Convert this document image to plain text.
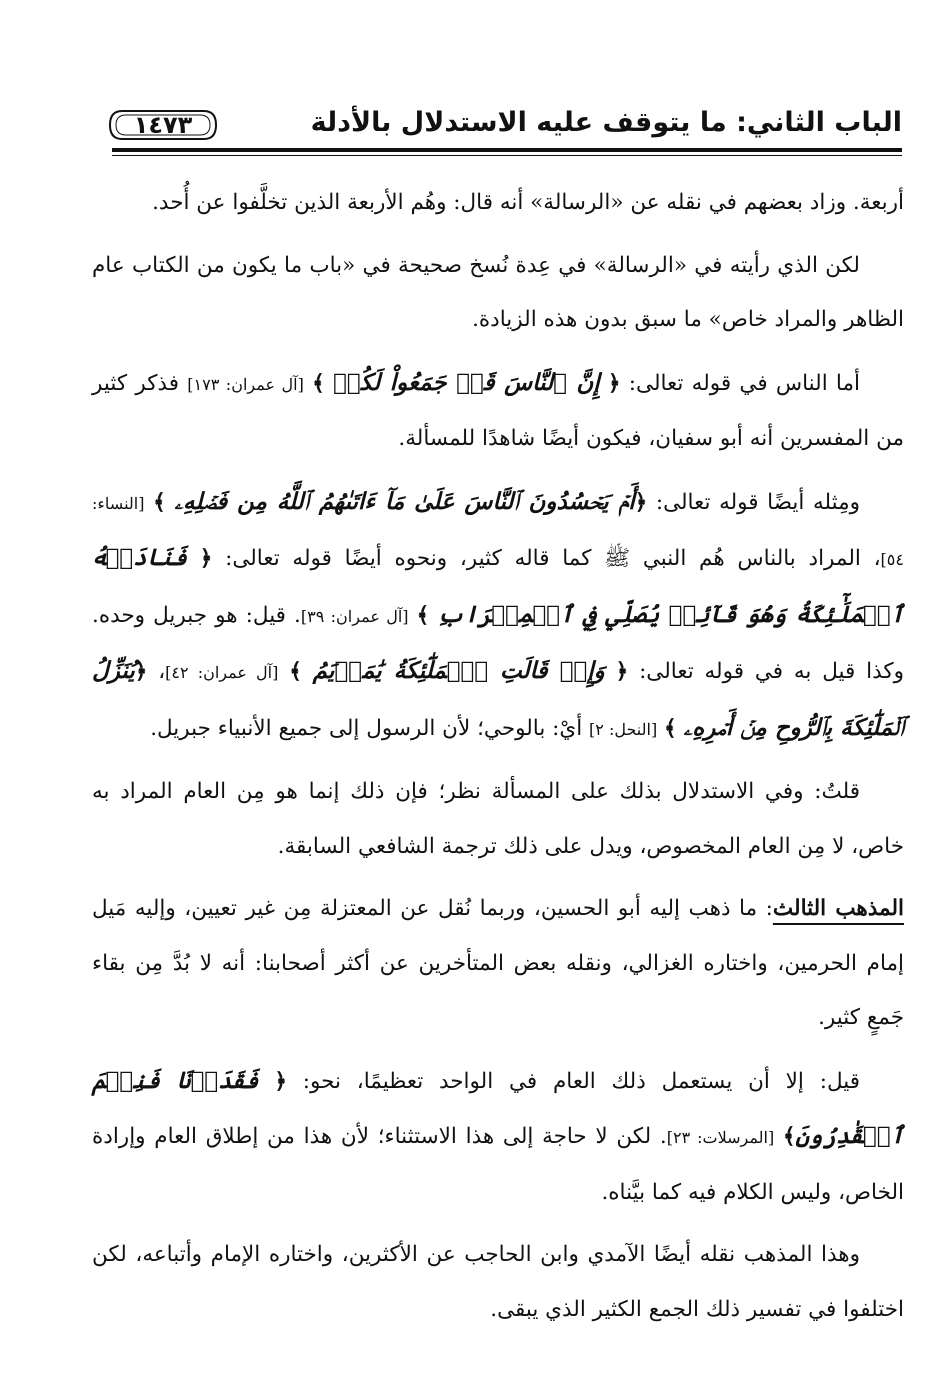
الباب الثاني: ما يتوقف عليه الاستدلال بالأدلة
١٤٧٣

أربعة. وزاد بعضهم في نقله عن «الرسالة» أنه قال: وهُم الأربعة الذين تخلَّفوا عن أُحد.

لكن الذي رأيته في «الرسالة» في عِدة نُسخ صحيحة في «باب ما يكون من الكتاب عام الظاهر والمراد خاص» ما سبق بدون هذه الزيادة.

أما الناس في قوله تعالى: ﴿ إِنَّ ٱلنَّاسَ قَدۡ جَمَعُواْ لَكُمۡ ﴾ [آل عمران: ١٧٣] فذكر كثير من المفسرين أنه أبو سفيان، فيكون أيضًا شاهدًا للمسألة.

ومِثله أيضًا قوله تعالى: ﴿أَمۡ يَحۡسُدُونَ ٱلنَّاسَ عَلَىٰ مَآ ءَاتَىٰهُمُ ٱللَّهُ مِن فَضۡلِهِۦ ﴾ [النساء: ٥٤]، المراد بالناس هُم النبي ﷺ كما قاله كثير، ونحوه أيضًا قوله تعالى: ﴿ فَنَادَتۡهُ ٱلۡمَلَٰٓئِكَةُ وَهُوَ قَآئِمٞ يُصَلِّي فِي ٱلۡمِحۡرَابِ ﴾ [آل عمران: ٣٩]. قيل: هو جبريل وحده. وكذا قيل به في قوله تعالى: ﴿ وَإِذۡ قَالَتِ ٱلۡمَلَٰٓئِكَةُ يَٰمَرۡيَمُ ﴾ [آل عمران: ٤٢]، ﴿يُنَزِّلُ ٱلۡمَلَٰٓئِكَةَ بِٱلرُّوحِ مِنۡ أَمۡرِهِۦ ﴾ [النحل: ٢] أيْ: بالوحي؛ لأن الرسول إلى جميع الأنبياء جبريل.

قلتُ: وفي الاستدلال بذلك على المسألة نظر؛ فإن ذلك إنما هو مِن العام المراد به خاص، لا مِن العام المخصوص، ويدل على ذلك ترجمة الشافعي السابقة.

المذهب الثالث: ما ذهب إليه أبو الحسين، وربما نُقل عن المعتزلة مِن غير تعيين، وإليه مَيل إمام الحرمين، واختاره الغزالي، ونقله بعض المتأخرين عن أكثر أصحابنا: أنه لا بُدَّ مِن بقاء جَمعٍ كثير.

قيل: إلا أن يستعمل ذلك العام في الواحد تعظيمًا، نحو: ﴿ فَقَدَرۡنَا فَنِعۡمَ ٱلۡقَٰدِرُونَ﴾ [المرسلات: ٢٣]. لكن لا حاجة إلى هذا الاستثناء؛ لأن هذا من إطلاق العام وإرادة الخاص، وليس الكلام فيه كما بيَّناه.

وهذا المذهب نقله أيضًا الآمدي وابن الحاجب عن الأكثرين، واختاره الإمام وأتباعه، لكن اختلفوا في تفسير ذلك الجمع الكثير الذي يبقى.
